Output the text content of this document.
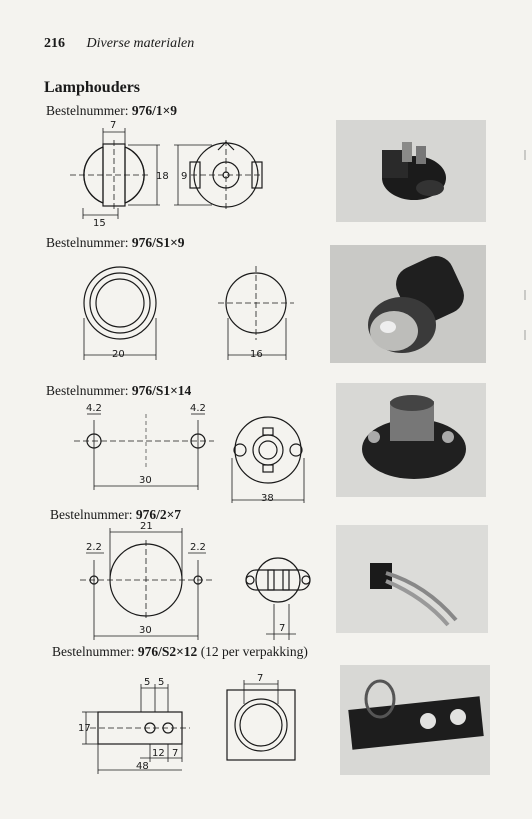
216 Diverse materialen
Lamphouders
Bestelnummer: 976/1×9
Bestelnummer: 976/S1×9
Bestelnummer: 976/S1×14
Bestelnummer: 976/2×7
Bestelnummer: 976/S2×12 (12 per verpakking)
7
18 9
15
20	16
4.2	4.2
30
38
21
2.2	2.2
30	7
5 5
17
12 7
48
7
